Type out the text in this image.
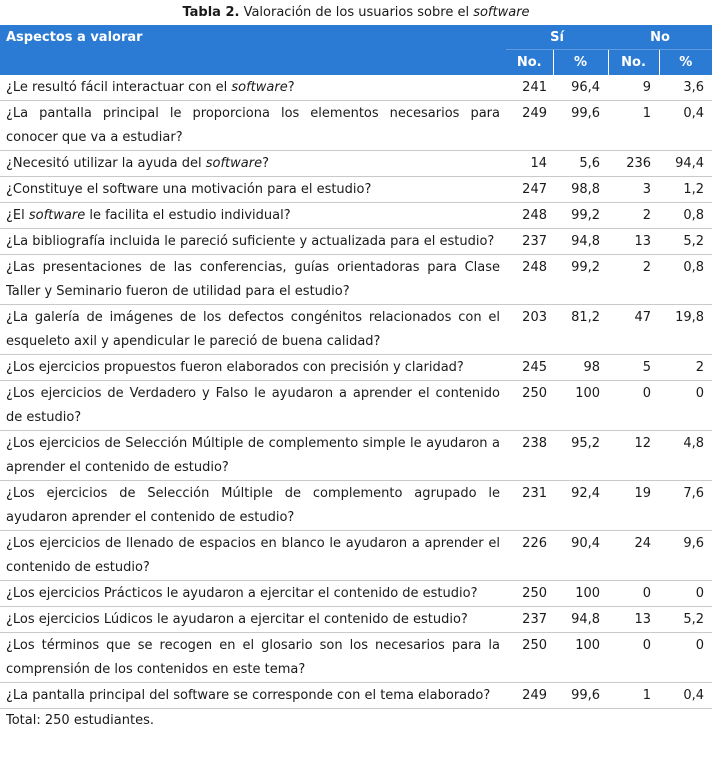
Tabla 2. Valoración de los usuarios sobre el software

Aspectos a valorar	Sí		No	
	No.	%	No.	%
¿Le resultó fácil interactuar con el software?	241	96,4	9	3,6
¿La pantalla principal le proporciona los elementos necesarios para conocer que va a estudiar?	249	99,6	1	0,4
¿Necesitó utilizar la ayuda del software?	14	5,6	236	94,4
¿Constituye el software una motivación para el estudio?	247	98,8	3	1,2
¿El software le facilita el estudio individual?	248	99,2	2	0,8
¿La bibliografía incluida le pareció suficiente y actualizada para el estudio?	237	94,8	13	5,2
¿Las presentaciones de las conferencias, guías orientadoras para Clase Taller y Seminario fueron de utilidad para el estudio?	248	99,2	2	0,8
¿La galería de imágenes de los defectos congénitos relacionados con el esqueleto axil y apendicular le pareció de buena calidad?	203	81,2	47	19,8
¿Los ejercicios propuestos fueron elaborados con precisión y claridad?	245	98	5	2
¿Los ejercicios de Verdadero y Falso le ayudaron a aprender el contenido de estudio?	250	100	0	0
¿Los ejercicios de Selección Múltiple de complemento simple le ayudaron a aprender el contenido de estudio?	238	95,2	12	4,8
¿Los ejercicios de Selección Múltiple de complemento agrupado le ayudaron aprender el contenido de estudio?	231	92,4	19	7,6
¿Los ejercicios de llenado de espacios en blanco le ayudaron a aprender el contenido de estudio?	226	90,4	24	9,6
¿Los ejercicios Prácticos le ayudaron a ejercitar el contenido de estudio?	250	100	0	0
¿Los ejercicios Lúdicos le ayudaron a ejercitar el contenido de estudio?	237	94,8	13	5,2
¿Los términos que se recogen en el glosario son los necesarios para la comprensión de los contenidos en este tema?	250	100	0	0
¿La pantalla principal del software se corresponde con el tema elaborado?	249	99,6	1	0,4
Total: 250 estudiantes.
